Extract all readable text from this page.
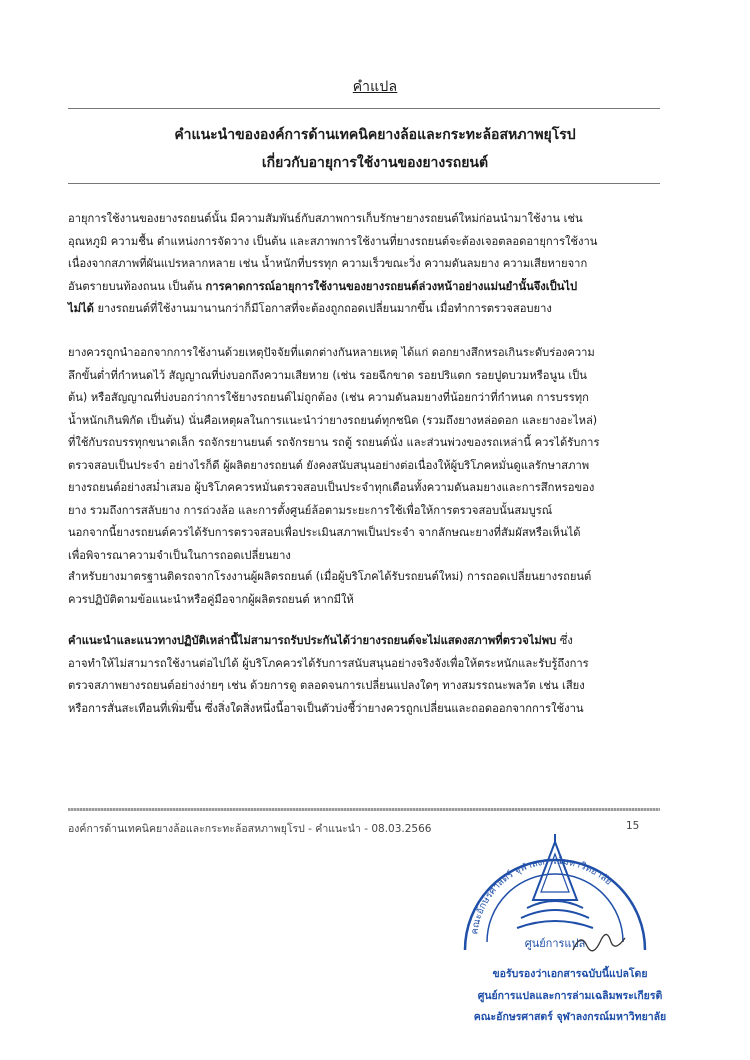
คำแปล
คำแนะนำขององค์การด้านเทคนิคยางล้อและกระทะล้อสหภาพยุโรป
เกี่ยวกับอายุการใช้งานของยางรถยนต์

อายุการใช้งานของยางรถยนต์นั้น มีความสัมพันธ์กับสภาพการเก็บรักษายางรถยนต์ใหม่ก่อนนำมาใช้งาน เช่น
อุณหภูมิ ความชื้น ตำแหน่งการจัดวาง เป็นต้น และสภาพการใช้งานที่ยางรถยนต์จะต้องเจอตลอดอายุการใช้งาน
เนื่องจากสภาพที่ผันแปรหลากหลาย เช่น น้ำหนักที่บรรทุก ความเร็วขณะวิ่ง ความดันลมยาง ความเสียหายจาก
อันตรายบนท้องถนน เป็นต้น การคาดการณ์อายุการใช้งานของยางรถยนต์ล่วงหน้าอย่างแม่นยำนั้นจึงเป็นไป
ไม่ได้ ยางรถยนต์ที่ใช้งานมานานกว่าก็มีโอกาสที่จะต้องถูกถอดเปลี่ยนมากขึ้น เมื่อทำการตรวจสอบยาง

ยางควรถูกนำออกจากการใช้งานด้วยเหตุปัจจัยที่แตกต่างกันหลายเหตุ ได้แก่ ดอกยางสึกหรอเกินระดับร่องความ
ลึกขั้นต่ำที่กำหนดไว้ สัญญาณที่บ่งบอกถึงความเสียหาย (เช่น รอยฉีกขาด รอยปริแตก รอยปูดบวมหรือนูน เป็น
ต้น) หรือสัญญาณที่บ่งบอกว่าการใช้ยางรถยนต์ไม่ถูกต้อง (เช่น ความดันลมยางที่น้อยกว่าที่กำหนด การบรรทุก
น้ำหนักเกินพิกัด เป็นต้น) นั่นคือเหตุผลในการแนะนำว่ายางรถยนต์ทุกชนิด (รวมถึงยางหล่อดอก และยางอะไหล่)
ที่ใช้กับรถบรรทุกขนาดเล็ก รถจักรยานยนต์ รถจักรยาน รถตู้ รถยนต์นั่ง และส่วนพ่วงของรถเหล่านี้ ควรได้รับการ
ตรวจสอบเป็นประจำ อย่างไรก็ดี ผู้ผลิตยางรถยนต์ ยังคงสนับสนุนอย่างต่อเนื่องให้ผู้บริโภคหมั่นดูแลรักษาสภาพ
ยางรถยนต์อย่างสม่ำเสมอ ผู้บริโภคควรหมั่นตรวจสอบเป็นประจำทุกเดือนทั้งความดันลมยางและการสึกหรอของ
ยาง รวมถึงการสลับยาง การถ่วงล้อ และการตั้งศูนย์ล้อตามระยะการใช้เพื่อให้การตรวจสอบนั้นสมบูรณ์
นอกจากนี้ยางรถยนต์ควรได้รับการตรวจสอบเพื่อประเมินสภาพเป็นประจำ จากลักษณะยางที่สัมผัสหรือเห็นได้
เพื่อพิจารณาความจำเป็นในการถอดเปลี่ยนยาง

สำหรับยางมาตรฐานติดรถจากโรงงานผู้ผลิตรถยนต์ (เมื่อผู้บริโภคได้รับรถยนต์ใหม่) การถอดเปลี่ยนยางรถยนต์
ควรปฏิบัติตามข้อแนะนำหรือคู่มือจากผู้ผลิตรถยนต์ หากมีให้

คำแนะนำและแนวทางปฏิบัติเหล่านี้ไม่สามารถรับประกันได้ว่ายางรถยนต์จะไม่แสดงสภาพที่ตรวจไม่พบ ซึ่ง
อาจทำให้ไม่สามารถใช้งานต่อไปได้ ผู้บริโภคควรได้รับการสนับสนุนอย่างจริงจังเพื่อให้ตระหนักและรับรู้ถึงการ
ตรวจสภาพยางรถยนต์อย่างง่ายๆ เช่น ด้วยการดู ตลอดจนการเปลี่ยนแปลงใดๆ ทางสมรรถนะพลวัต เช่น เสียง
หรือการสั่นสะเทือนที่เพิ่มขึ้น ซึ่งสิ่งใดสิ่งหนึ่งนี้อาจเป็นตัวบ่งชี้ว่ายางควรถูกเปลี่ยนและถอดออกจากการใช้งาน

องค์การด้านเทคนิคยางล้อและกระทะล้อสหภาพยุโรป - คำแนะนำ - 08.03.2566	15
คณะอักษรศาสตร์ จุฬาลงกรณ์มหาวิทยาลัย
ศูนย์การแปล
ขอรับรองว่าเอกสารฉบับนี้แปลโดย
ศูนย์การแปลและการล่ามเฉลิมพระเกียรติ
คณะอักษรศาสตร์ จุฬาลงกรณ์มหาวิทยาลัย
